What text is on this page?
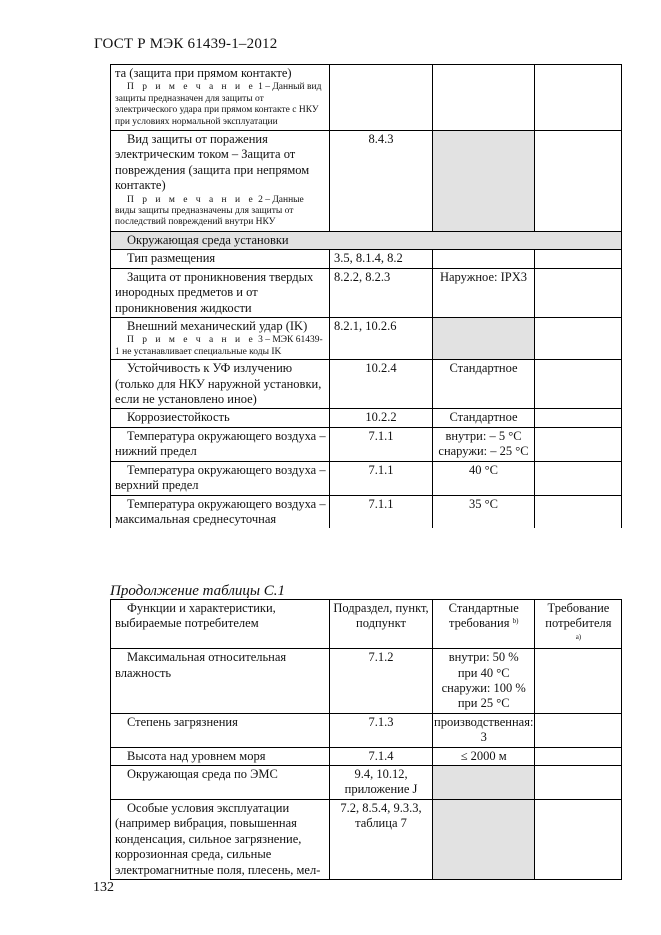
ГОСТ Р МЭК 61439-1–2012
та (защита при прямом контакте)
П р и м е ч а н и е 1 – Данный вид защиты предназначен для защиты от электрического удара при прямом контакте с НКУ при условиях нормальной эксплуатации			

Вид защиты от поражения электрическим током – Защита от повреждения (защита при непрямом контакте)
П р и м е ч а н и е 2 – Данные виды защиты предназначены для защиты от последствий повреждений внутри НКУ	8.4.3		
Окружающая среда установки			
Тип размещения	3.5, 8.1.4, 8.2		
Защита от проникновения твердых инородных предметов и от проникновения жидкости	8.2.2, 8.2.3	Наружное: IPX3	

Внешний механический удар (IK)
П р и м е ч а н и е 3 – МЭК 61439-1 не устанавливает специальные коды IK	8.2.1, 10.2.6		
Устойчивость к УФ излучению (только для НКУ наружной установки, если не установлено иное)	10.2.4	Стандартное	
Коррозиестойкость	10.2.2	Стандартное	
Температура окружающего воздуха – нижний предел	7.1.1	внутри: – 5 °C
снаружи: – 25 °C	

Температура окружающего воздуха – верхний предел	7.1.1	40 °C	
Температура окружающего воздуха – максимальная среднесуточная	7.1.1	35 °C	
Продолжение таблицы С.1
Функции и характеристики, выбираемые потребителем	Подраздел, пункт, подпункт	Стандартные требования $^{b)}$	Требование потребителя
$^{a)}$
Максимальная относительная влажность	7.1.2	внутри: 50 %
при 40 °C
снаружи: 100 %
при 25 °C	

Степень загрязнения	7.1.3	производственная: 3	
Высота над уровнем моря	7.1.4	≤ 2000 м	
Окружающая среда по ЭМС	9.4, 10.12, приложение J		
Особые условия эксплуатации (например вибрация, повышенная конденсация, сильное загрязнение, коррозионная среда, сильные электромагнитные поля, плесень, мел-	7.2, 8.5.4, 9.3.3, таблица 7		
132
